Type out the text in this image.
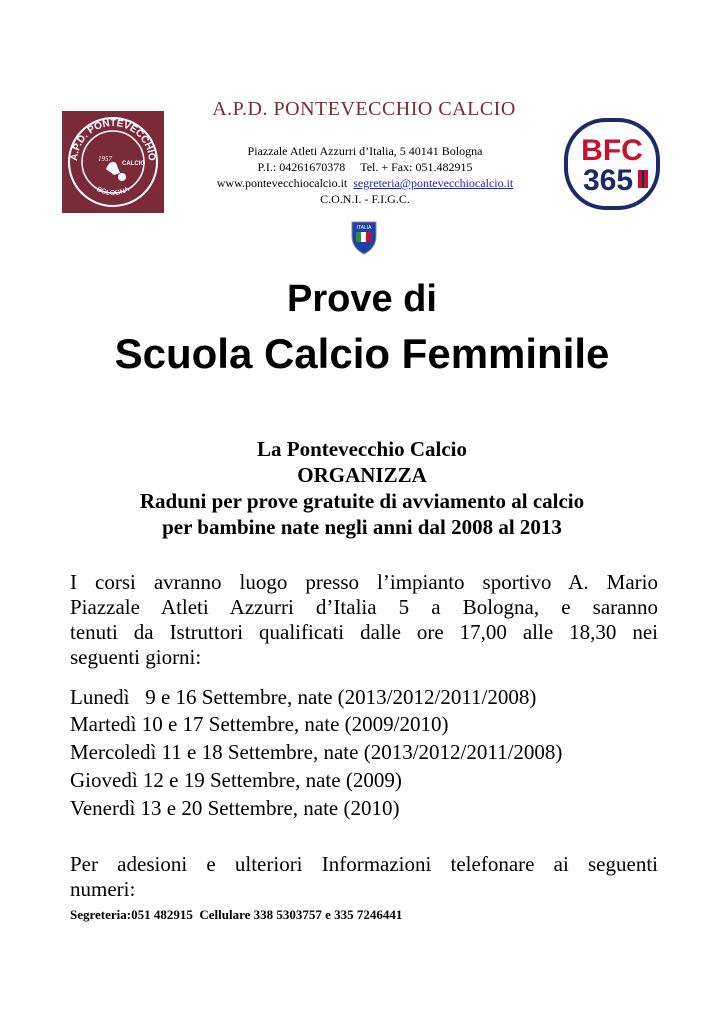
A.P.D. PONTEVECCHIO
BOLOGNA
1957
CALCIO
A.P.D. PONTEVECCHIO CALCIO
Piazzale Atleti Azzurri d’Italia, 5 40141 Bologna
P.I.: 04261670378 Tel. + Fax: 051.482915
www.pontevecchiocalcio.it segreteria@pontevecchiocalcio.it
C.O.N.I. - F.I.G.C.
BFC
365
ITALIA
Prove di
Scuola Calcio Femminile
La Pontevecchio Calcio
ORGANIZZA
Raduni per prove gratuite di avviamento al calcio
per bambine nate negli anni dal 2008 al 2013
I corsi avranno luogo presso l’impianto sportivo A. Mario
Piazzale Atleti Azzurri d’Italia 5 a Bologna, e saranno
tenuti da Istruttori qualificati dalle ore 17,00 alle 18,30 nei
seguenti giorni:
Lunedì   9 e 16 Settembre, nate (2013/2012/2011/2008)
Martedì 10 e 17 Settembre, nate (2009/2010)
Mercoledì 11 e 18 Settembre, nate (2013/2012/2011/2008)
Giovedì 12 e 19 Settembre, nate (2009)
Venerdì 13 e 20 Settembre, nate (2010)
Per adesioni e ulteriori Informazioni telefonare ai seguenti
numeri:
Segreteria:051 482915  Cellulare 338 5303757 e 335 7246441
